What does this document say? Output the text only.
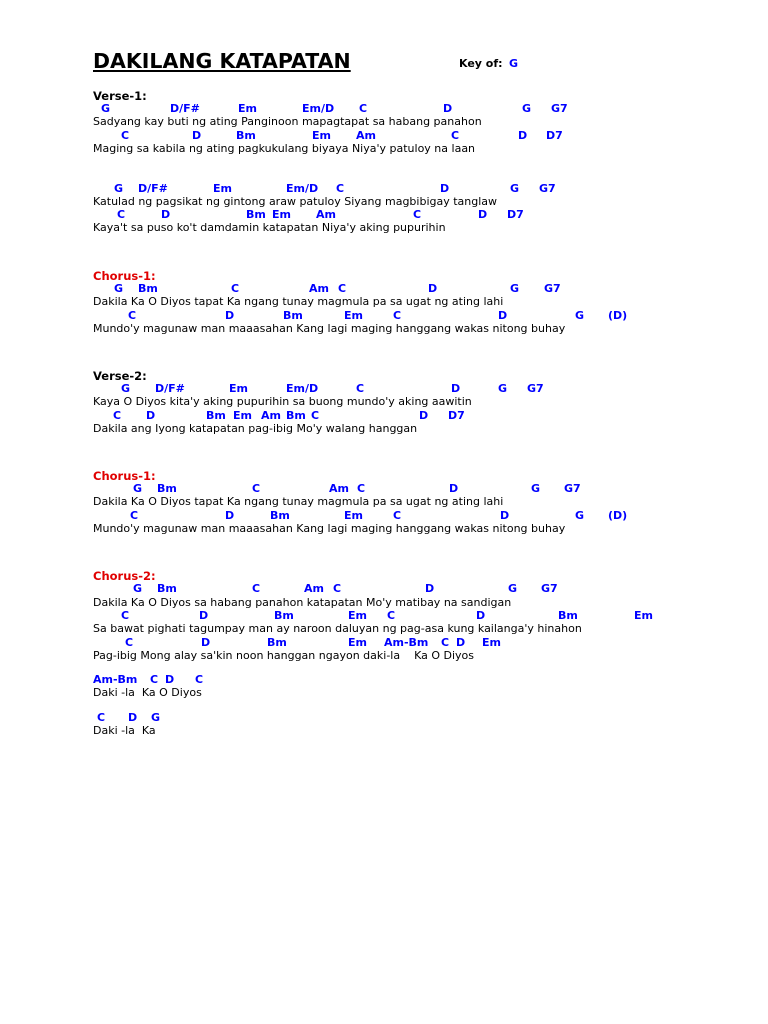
DAKILANG KATAPATAN	Key of: G
Verse-1:
G	D/F#	Em	Em/D C	D	G G7
Sadyang kay buti ng ating Panginoon mapagtapat sa habang panahon
C	D	Bm	Em Am	C	D D7
Maging sa kabila ng ating pagkukulang biyaya Niya'y patuloy na laan
G D/F#	Em	Em/D C	D	G G7
Katulad ng pagsikat ng gintong araw patuloy Siyang magbibigay tanglaw
C	D	Bm Em Am	C	D D7
Kaya't sa puso ko't damdamin katapatan Niya'y aking pupurihin
Chorus-1:
G Bm	C	Am C	D	G G7
Dakila Ka O Diyos tapat Ka ngang tunay magmula pa sa ugat ng ating lahi
C	D	Bm	Em	C	D	G (D)
Mundo'y magunaw man maaasahan Kang lagi maging hanggang wakas nitong buhay
Verse-2:
G D/F#	Em	Em/D	C	D	G G7
Kaya O Diyos kita'y aking pupurihin sa buong mundo'y aking aawitin
C D	Bm Em Am Bm C	D D7
Dakila ang Iyong katapatan pag-ibig Mo'y walang hanggan
Chorus-1:
G Bm	C	Am C	D	G G7
Dakila Ka O Diyos tapat Ka ngang tunay magmula pa sa ugat ng ating lahi
C	D	Bm	Em	C	D	G (D)
Mundo'y magunaw man maaasahan Kang lagi maging hanggang wakas nitong buhay
Chorus-2:
G Bm	C	Am C	D	G G7
Dakila Ka O Diyos sa habang panahon katapatan Mo'y matibay na sandigan
C	D	Bm	Em C	D	Bm	Em
Sa bawat pighati tagumpay man ay naroon daluyan ng pag-asa kung kailanga'y hinahon
C	D	Bm	Em Am-Bm C D Em
Pag-ibig Mong alay sa'kin noon hanggan ngayon daki-la    Ka O Diyos
Am-Bm C D C
Daki -la  Ka O Diyos
C D G
Daki -la  Ka
